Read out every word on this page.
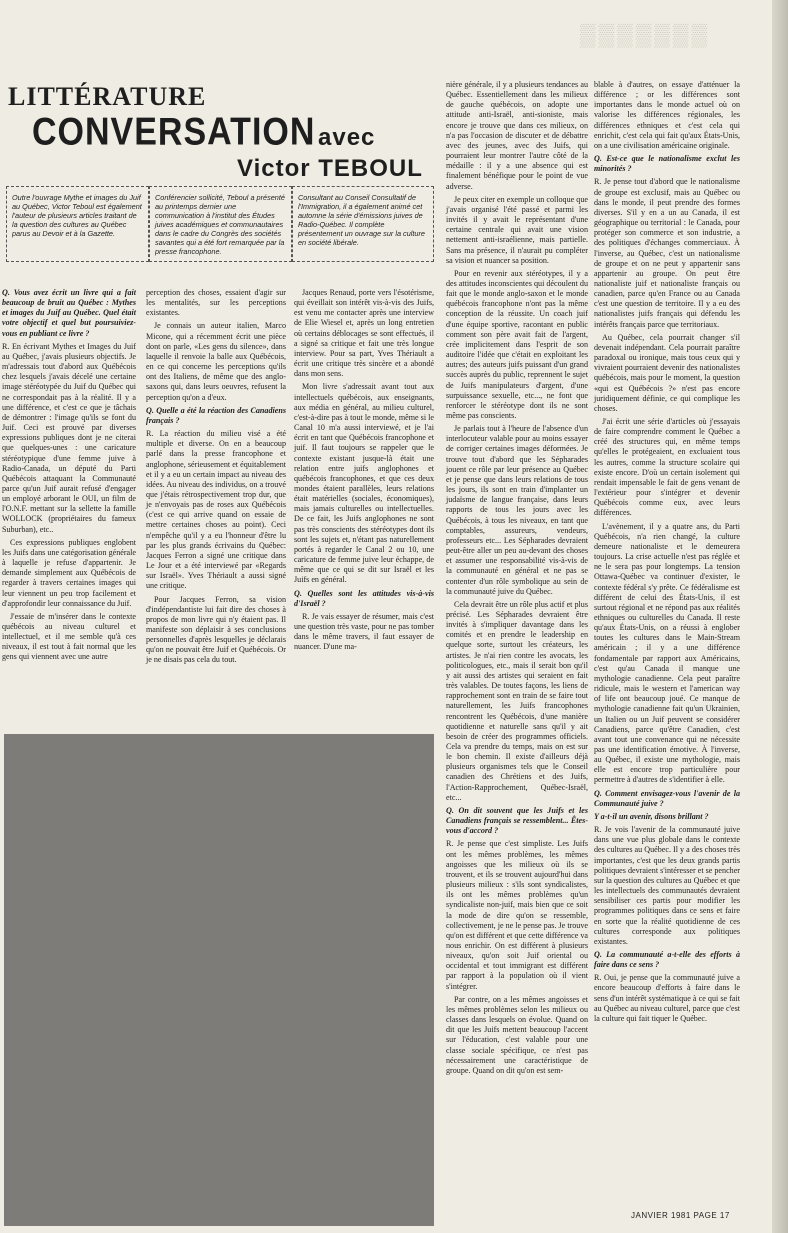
▒▒▒▒▒▒▒
LITTÉRATURE
CONVERSATION avec
Victor TEBOUL
Outre l'ouvrage Mythe et images du Juif au Québec, Victor Teboul est également l'auteur de plusieurs articles traitant de la question des cultures au Québec parus au Devoir et à la Gazette.
Conférencier sollicité, Teboul a présenté au printemps dernier une communication à l'institut des Études juives académiques et communautaires dans le cadre du Congrès des sociétés savantes qui a été fort remarquée par la presse francophone.
Consultant au Conseil Consultatif de l'Immigration, il a également animé cet automne la série d'émissions juives de Radio-Québec. Il complète présentement un ouvrage sur la culture en société libérale.

Q. Vous avez écrit un livre qui a fait beaucoup de bruit au Québec : Mythes et images du Juif au Québec. Quel était votre objectif et quel but poursuiviez-vous en publiant ce livre ?

R. En écrivant Mythes et Images du Juif au Québec, j'avais plusieurs objectifs. Je m'adressais tout d'abord aux Québécois chez lesquels j'avais décelé une certaine image stéréotypée du Juif du Québec qui ne correspondait pas à la réalité. Il y a une différence, et c'est ce que je tâchais de démontrer : l'image qu'ils se font du Juif. Ceci est prouvé par diverses expressions publiques dont je ne citerai que quelques-unes : une caricature stéréotypique d'une femme juive à Radio-Canada, un député du Parti Québécois attaquant la Communauté parce qu'un Juif aurait refusé d'engager un employé arborant le OUI, un film de l'O.N.F. mettant sur la sellette la famille WOLLOCK (propriétaires du fameux Suburban), etc..

Ces expressions publiques englobent les Juifs dans une catégorisation générale à laquelle je refuse d'appartenir. Je demande simplement aux Québécois de regarder à travers certaines images qui leur viennent un peu trop facilement et d'approfondir leur connaissance du Juif.

J'essaie de m'insérer dans le contexte québécois au niveau culturel et intellectuel, et il me semble qu'à ces niveaux, il est tout à fait normal que les gens qui viennent avec une autre

perception des choses, essaient d'agir sur les mentalités, sur les perceptions existantes.

Je connais un auteur italien, Marco Micone, qui a récemment écrit une pièce dont on parle, «Les gens du silence», dans laquelle il renvoie la balle aux Québécois, en ce qui concerne les perceptions qu'ils ont des Italiens, de même que des anglo-saxons qui, dans leurs oeuvres, refusent la perception qu'on a d'eux.

Q. Quelle a été la réaction des Canadiens français ?

R. La réaction du milieu visé a été multiple et diverse. On en a beaucoup parlé dans la presse francophone et anglophone, sérieusement et équitablement et il y a eu un certain impact au niveau des idées. Au niveau des individus, on a trouvé que j'étais rétrospectivement trop dur, que je n'envoyais pas de roses aux Québécois (c'est ce qui arrive quand on essaie de mettre certaines choses au point). Ceci n'empêche qu'il y a eu l'honneur d'être lu par les plus grands écrivains du Québec: Jacques Ferron a signé une critique dans Le Jour et a été interviewé par «Regards sur Israël». Yves Thériault a aussi signé une critique.

Pour Jacques Ferron, sa vision d'indépendantiste lui fait dire des choses à propos de mon livre qui n'y étaient pas. Il manifeste son déplaisir à ses conclusions personnelles d'après lesquelles je déclarais qu'on ne pouvait être Juif et Québécois. Or je ne disais pas cela du tout.

Jacques Renaud, porte vers l'ésotérisme, qui éveillait son intérêt vis-à-vis des Juifs, est venu me contacter après une interview de Elie Wiesel et, après un long entretien où certains déblocages se sont effectués, il a signé sa critique et fait une très longue interview. Pour sa part, Yves Thériault a écrit une critique très sincère et a abondé dans mon sens.

Mon livre s'adressait avant tout aux intellectuels québécois, aux enseignants, aux média en général, au milieu culturel, c'est-à-dire pas à tout le monde, même si le Canal 10 m'a aussi interviewé, et je l'ai écrit en tant que Québécois francophone et juif. Il faut toujours se rappeler que le contexte existant jusque-là était une relation entre juifs anglophones et québécois francophones, et que ces deux mondes étaient parallèles, leurs relations était matérielles (sociales, économiques), mais jamais culturelles ou intellectuelles. De ce fait, les Juifs anglophones ne sont pas très conscients des stéréotypes dont ils sont les sujets et, n'étant pas naturellement portés à regarder le Canal 2 ou 10, une caricature de femme juive leur échappe, de même que ce qui se dit sur Israël et les Juifs en général.

Q. Quelles sont les attitudes vis-à-vis d'Israël ?

R. Je vais essayer de résumer, mais c'est une question très vaste, pour ne pas tomber dans le même travers, il faut essayer de nuancer. D'une ma-

nière générale, il y a plusieurs tendances au Québec. Essentiellement dans les milieux de gauche québécois, on adopte une attitude anti-Israël, anti-sioniste, mais encore je trouve que dans ces milieux, on n'a pas l'occasion de discuter et de débattre avec des jeunes, avec des Juifs, qui pourraient leur montrer l'autre côté de la médaille : il y a une absence qui est finalement bénéfique pour le point de vue adverse.

Je peux citer en exemple un colloque que j'avais organisé l'été passé et parmi les invités il y avait le représentant d'une certaine centrale qui avait une vision nettement anti-israélienne, mais partielle. Sans ma présence, il n'aurait pu compléter sa vision et nuancer sa position.

Pour en revenir aux stéréotypes, il y a des attitudes inconscientes qui découlent du fait que le monde anglo-saxon et le monde québécois francophone n'ont pas la même conception de la réussite. Un coach juif d'une équipe sportive, racontant en public comment son père avait fait de l'argent, crée implicitement dans l'esprit de son auditoire l'idée que c'était en exploitant les autres; des auteurs juifs puissant d'un grand succès auprès du public, reprennent le sujet de Juifs manipulateurs d'argent, d'une surpuissance sexuelle, etc..., ne font que renforcer le stéréotype dont ils ne sont même pas conscients.

Je parlais tout à l'heure de l'absence d'un interlocuteur valable pour au moins essayer de corriger certaines images déformées. Je trouve tout d'abord que les Sépharades jouent ce rôle par leur présence au Québec et je pense que dans leurs relations de tous les jours, ils sont en train d'implanter un judaïsme de langue française, dans leurs rapports de tous les jours avec les Québécois, à tous les niveaux, en tant que comptables, assureurs, vendeurs, professeurs etc... Les Sépharades devraient peut-être aller un peu au-devant des choses et assumer une responsabilité vis-à-vis de la communauté en général et ne pas se contenter d'un rôle symbolique au sein de la communauté juive du Québec.

Cela devrait être un rôle plus actif et plus précisé. Les Sépharades devraient être invités à s'impliquer davantage dans les comités et en prendre le leadership en quelque sorte, surtout les créateurs, les artistes. Je n'ai rien contre les avocats, les politicologues, etc., mais il serait bon qu'il y ait aussi des artistes qui seraient en fait très valables. De toutes façons, les liens de rapprochement sont en train de se faire tout naturellement, les Juifs francophones rencontrent les Québécois, d'une manière quotidienne et naturelle sans qu'il y ait besoin de créer des programmes officiels. Cela va prendre du temps, mais on est sur le bon chemin. Il existe d'ailleurs déjà plusieurs organismes tels que le Conseil canadien des Chrétiens et des Juifs, l'Action-Rapprochement, Québec-Israël, etc...

Q. On dit souvent que les Juifs et les Canadiens français se ressemblent... Êtes-vous d'accord ?

R. Je pense que c'est simpliste. Les Juifs ont les mêmes problèmes, les mêmes angoisses que les milieux où ils se trouvent, et ils se trouvent aujourd'hui dans plusieurs milieux : s'ils sont syndicalistes, ils ont les mêmes problèmes qu'un syndicaliste non-juif, mais bien que ce soit la mode de dire qu'on se ressemble, collectivement, je ne le pense pas. Je trouve qu'on est différent et que cette différence va nous enrichir. On est différent à plusieurs niveaux, qu'on soit Juif oriental ou occidental et tout immigrant est différent par rapport à la population où il vient s'intégrer.

Par contre, on a les mêmes angoisses et les mêmes problèmes selon les milieux ou classes dans lesquels on évolue. Quand on dit que les Juifs mettent beaucoup l'accent sur l'éducation, c'est valable pour une classe sociale spécifique, ce n'est pas nécessairement une caractéristique de groupe. Quand on dit qu'on est sem-

blable à d'autres, on essaye d'atténuer la différence ; or les différences sont importantes dans le monde actuel où on valorise les différences régionales, les différences ethniques et c'est cela qui enrichit, c'est cela qui fait qu'aux États-Unis, on a une civilisation américaine originale.

Q. Est-ce que le nationalisme exclut les minorités ?

R. Je pense tout d'abord que le nationalisme de groupe est exclusif, mais au Québec ou dans le monde, il peut prendre des formes diverses. S'il y en a un au Canada, il est géographique ou territorial : le Canada, pour protéger son commerce et son industrie, a des politiques d'échanges commerciaux. À l'inverse, au Québec, c'est un nationalisme de groupe et on ne peut y appartenir sans appartenir au groupe. On peut être nationaliste juif et nationaliste français ou canadien, parce qu'en France ou au Canada c'est une question de territoire. Il y a eu des nationalistes juifs français qui défendu les intérêts français parce que territoriaux.

Au Québec, cela pourrait changer s'il devenait indépendant. Cela pourrait paraître paradoxal ou ironique, mais tous ceux qui y vivraient pourraient devenir des nationalistes québécois, mais pour le moment, la question «qui est Québécois ?» n'est pas encore juridiquement définie, ce qui complique les choses.

J'ai écrit une série d'articles où j'essayais de faire comprendre comment le Québec a créé des structures qui, en même temps qu'elles le protégeaient, en excluaient tous les autres, comme la structure scolaire qui existe encore. D'où un certain isolement qui rendait impensable le fait de gens venant de l'extérieur pour s'intégrer et devenir Québécois comme eux, avec leurs différences.

L'avènement, il y a quatre ans, du Parti Québécois, n'a rien changé, la culture demeure nationaliste et le demeurera toujours. La crise actuelle n'est pas réglée et ne le sera pas pour longtemps. La tension Ottawa-Québec va continuer d'exister, le contexte fédéral s'y prête. Ce fédéralisme est différent de celui des États-Unis, il est surtout régional et ne répond pas aux réalités ethniques ou culturelles du Canada. Il reste qu'aux États-Unis, on a réussi à englober toutes les cultures dans le Main-Stream américain ; il y a une différence fondamentale par rapport aux Américains, c'est qu'au Canada il manque une mythologie canadienne. Cela peut paraître ridicule, mais le western et l'american way of life ont beaucoup joué. Ce manque de mythologie canadienne fait qu'un Ukrainien, un Italien ou un Juif peuvent se considérer Canadiens, parce qu'être Canadien, c'est avant tout une convenance qui ne nécessite pas une identification émotive. À l'inverse, au Québec, il existe une mythologie, mais elle est encore trop particulière pour permettre à d'autres de s'identifier à elle.

Q. Comment envisagez-vous l'avenir de la Communauté juive ?

Y a-t-il un avenir, disons brillant ?

R. Je vois l'avenir de la communauté juive dans une vue plus globale dans le contexte des cultures au Québec. Il y a des choses très importantes, c'est que les deux grands partis politiques devraient s'intéresser et se pencher sur la question des cultures au Québec et que les intellectuels des communautés devraient sensibiliser ces partis pour modifier les programmes politiques dans ce sens et faire en sorte que la réalité quotidienne de ces cultures corresponde aux politiques existantes.

Q. La communauté a-t-elle des efforts à faire dans ce sens ?

R. Oui, je pense que la communauté juive a encore beaucoup d'efforts à faire dans le sens d'un intérêt systématique à ce qui se fait au Québec au niveau culturel, parce que c'est la culture qui fait tiquer le Québec.

JANVIER 1981 PAGE 17
